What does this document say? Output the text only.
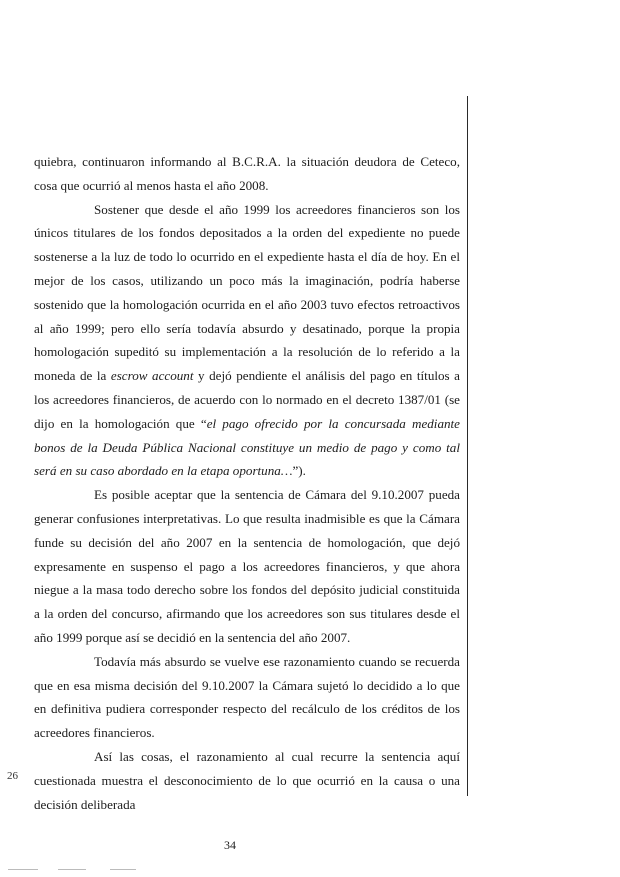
quiebra, continuaron informando al B.C.R.A. la situación deudora de Ceteco, cosa que ocurrió al menos hasta el año 2008.

Sostener que desde el año 1999 los acreedores financieros son los únicos titulares de los fondos depositados a la orden del expediente no puede sostenerse a la luz de todo lo ocurrido en el expediente hasta el día de hoy. En el mejor de los casos, utilizando un poco más la imaginación, podría haberse sostenido que la homologación ocurrida en el año 2003 tuvo efectos retroactivos al año 1999; pero ello sería todavía absurdo y desatinado, porque la propia homologación supeditó su implementación a la resolución de lo referido a la moneda de la escrow account y dejó pendiente el análisis del pago en títulos a los acreedores financieros, de acuerdo con lo normado en el decreto 1387/01 (se dijo en la homologación que “el pago ofrecido por la concursada mediante bonos de la Deuda Pública Nacional constituye un medio de pago y como tal será en su caso abordado en la etapa oportuna…”).

Es posible aceptar que la sentencia de Cámara del 9.10.2007 pueda generar confusiones interpretativas. Lo que resulta inadmisible es que la Cámara funde su decisión del año 2007 en la sentencia de homologación, que dejó expresamente en suspenso el pago a los acreedores financieros, y que ahora niegue a la masa todo derecho sobre los fondos del depósito judicial constituida a la orden del concurso, afirmando que los acreedores son sus titulares desde el año 1999 porque así se decidió en la sentencia del año 2007.

Todavía más absurdo se vuelve ese razonamiento cuando se recuerda que en esa misma decisión del 9.10.2007 la Cámara sujetó lo decidido a lo que en definitiva pudiera corresponder respecto del recálculo de los créditos de los acreedores financieros.

Así las cosas, el razonamiento al cual recurre la sentencia aquí cuestionada muestra el desconocimiento de lo que ocurrió en la causa o una decisión deliberada

26
34
